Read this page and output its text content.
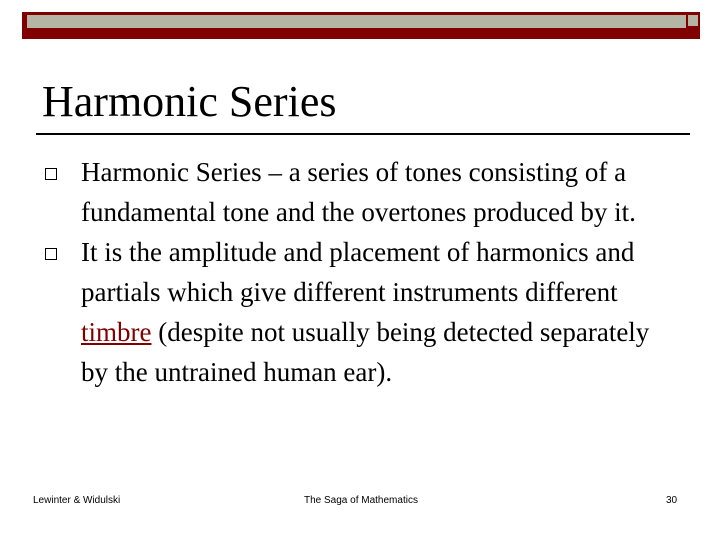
Harmonic Series
Harmonic Series – a series of tones consisting of a fundamental tone and the overtones produced by it.
It is the amplitude and placement of harmonics and partials which give different instruments different timbre (despite not usually being detected separately by the untrained human ear).
Lewinter & Widulski	The Saga of Mathematics	30
